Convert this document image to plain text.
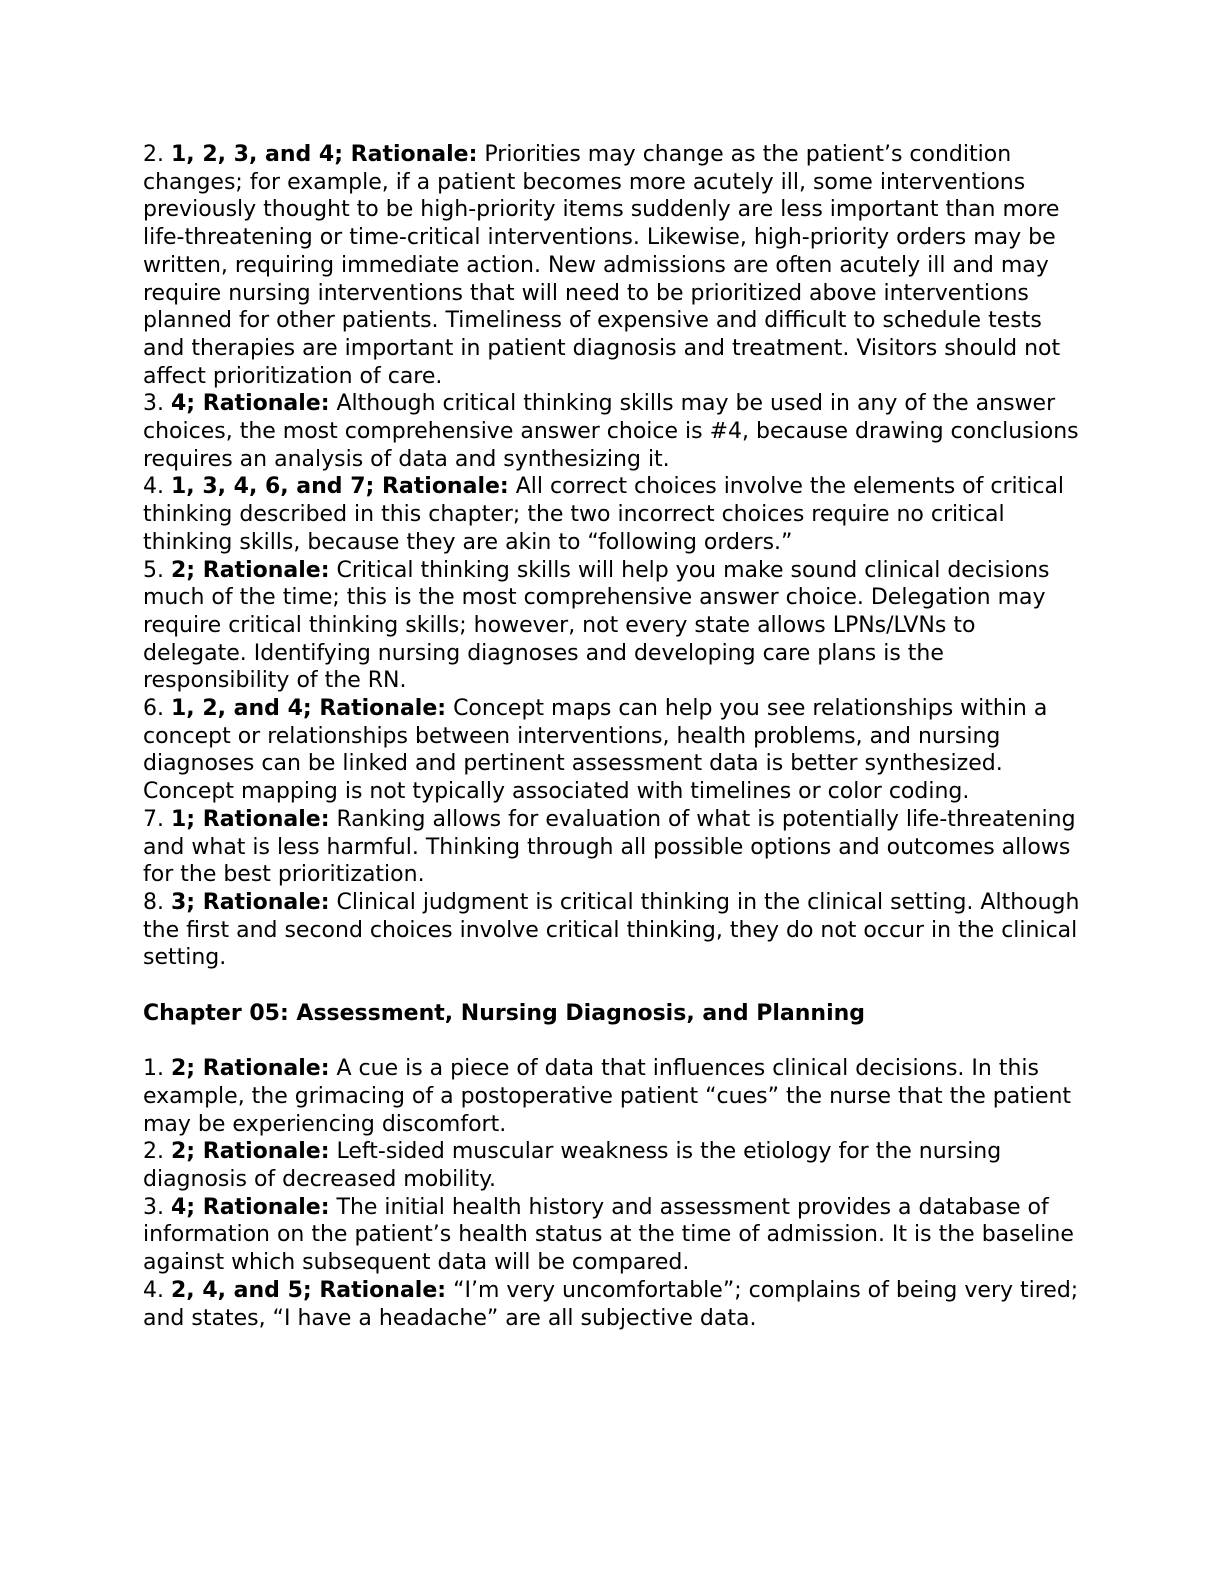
2. 1, 2, 3, and 4; Rationale: Priorities may change as the patient’s condition changes; for example, if a patient becomes more acutely ill, some interventions previously thought to be high-priority items suddenly are less important than more life-threatening or time-critical interventions. Likewise, high-priority orders may be written, requiring immediate action. New admissions are often acutely ill and may require nursing interventions that will need to be prioritized above interventions planned for other patients. Timeliness of expensive and difficult to schedule tests and therapies are important in patient diagnosis and treatment. Visitors should not affect prioritization of care.

3. 4; Rationale: Although critical thinking skills may be used in any of the answer choices, the most comprehensive answer choice is #4, because drawing conclusions requires an analysis of data and synthesizing it.

4. 1, 3, 4, 6, and 7; Rationale: All correct choices involve the elements of critical thinking described in this chapter; the two incorrect choices require no critical thinking skills, because they are akin to “following orders.”

5. 2; Rationale: Critical thinking skills will help you make sound clinical decisions much of the time; this is the most comprehensive answer choice. Delegation may require critical thinking skills; however, not every state allows LPNs/LVNs to delegate. Identifying nursing diagnoses and developing care plans is the responsibility of the RN.

6. 1, 2, and 4; Rationale: Concept maps can help you see relationships within a concept or relationships between interventions, health problems, and nursing diagnoses can be linked and pertinent assessment data is better synthesized. Concept mapping is not typically associated with timelines or color coding.

7. 1; Rationale: Ranking allows for evaluation of what is potentially life-threatening and what is less harmful. Thinking through all possible options and outcomes allows for the best prioritization.

8. 3; Rationale: Clinical judgment is critical thinking in the clinical setting. Although the first and second choices involve critical thinking, they do not occur in the clinical setting.

Chapter 05: Assessment, Nursing Diagnosis, and Planning

1. 2; Rationale: A cue is a piece of data that influences clinical decisions. In this example, the grimacing of a postoperative patient “cues” the nurse that the patient may be experiencing discomfort.

2. 2; Rationale: Left-sided muscular weakness is the etiology for the nursing diagnosis of decreased mobility.

3. 4; Rationale: The initial health history and assessment provides a database of information on the patient’s health status at the time of admission. It is the baseline against which subsequent data will be compared.

4. 2, 4, and 5; Rationale: “I’m very uncomfortable”; complains of being very tired; and states, “I have a headache” are all subjective data.
